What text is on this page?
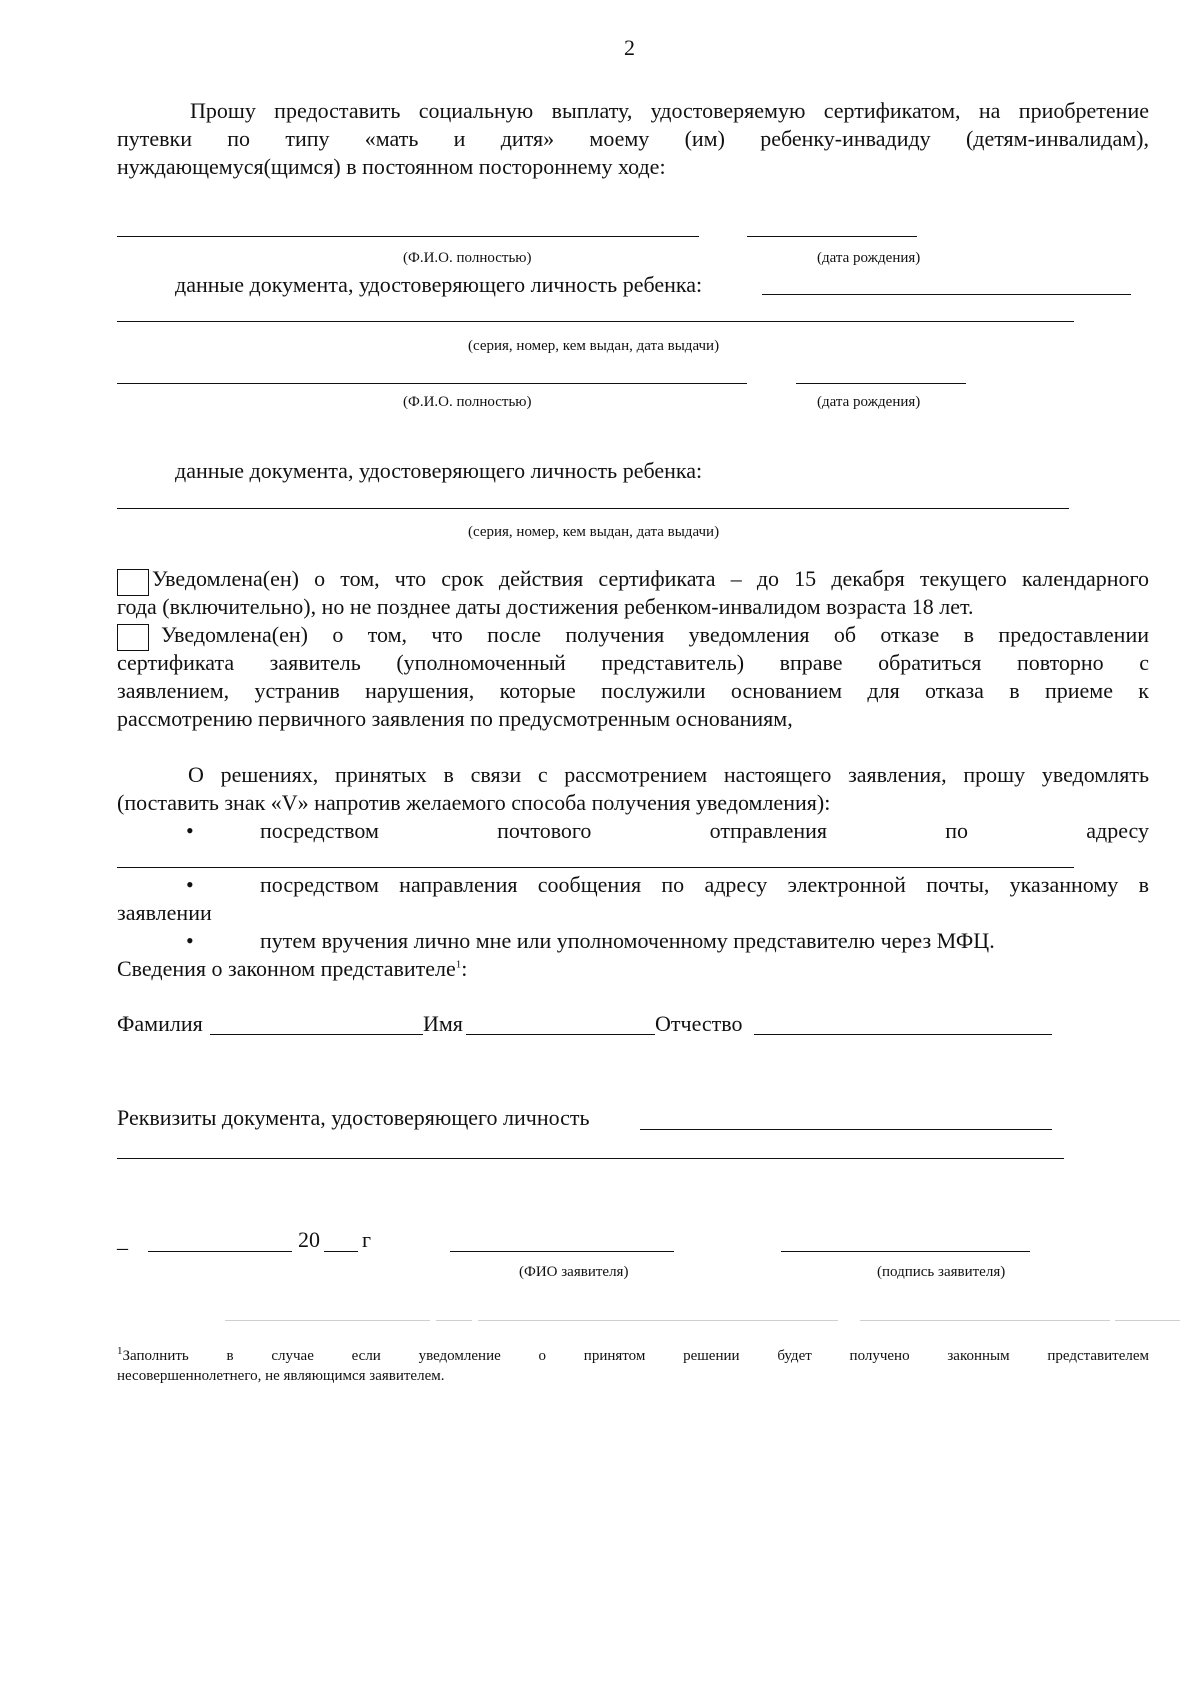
2
Прошу предоставить социальную выплату, удостоверяемую сертификатом, на приобретение
путевки по типу «мать и дитя» моему (им) ребенку-инвадиду (детям-инвалидам),
нуждающемуся(щимся) в постоянном постороннему ходе:
(Ф.И.О. полностью)	(дата рождения)
данные документа, удостоверяющего личность ребенка:
(серия, номер, кем выдан, дата выдачи)
(Ф.И.О. полностью)	(дата рождения)
данные документа, удостоверяющего личность ребенка:
(серия, номер, кем выдан, дата выдачи)
Уведомлена(ен) о том, что срок действия сертификата – до 15 декабря текущего календарного
года (включительно), но не позднее даты достижения ребенком-инвалидом возраста 18 лет.
Уведомлена(ен) о том, что после получения уведомления об отказе в предоставлении
сертификата заявитель (уполномоченный представитель) вправе обратиться повторно с
заявлением, устранив нарушения, которые послужили основанием для отказа в приеме к
рассмотрению первичного заявления по предусмотренным основаниям,
О решениях, принятых в связи с рассмотрением настоящего заявления, прошу уведомлять
(поставить знак «V» напротив желаемого способа получения уведомления):
•	посредством почтового отправления по адресу
•	посредством направления сообщения по адресу электронной почты, указанному в
заявлении
•	путем вручения лично мне или уполномоченному представителю через МФЦ.
Сведения о законном представителе$^1$:
Фамилия	Имя	Отчество
Реквизиты документа, удостоверяющего личность
_	20 г
(ФИО заявителя)	(подпись заявителя)
$^1$Заполнить в случае если уведомление о принятом решении будет получено законным представителем
несовершеннолетнего, не являющимся заявителем.
